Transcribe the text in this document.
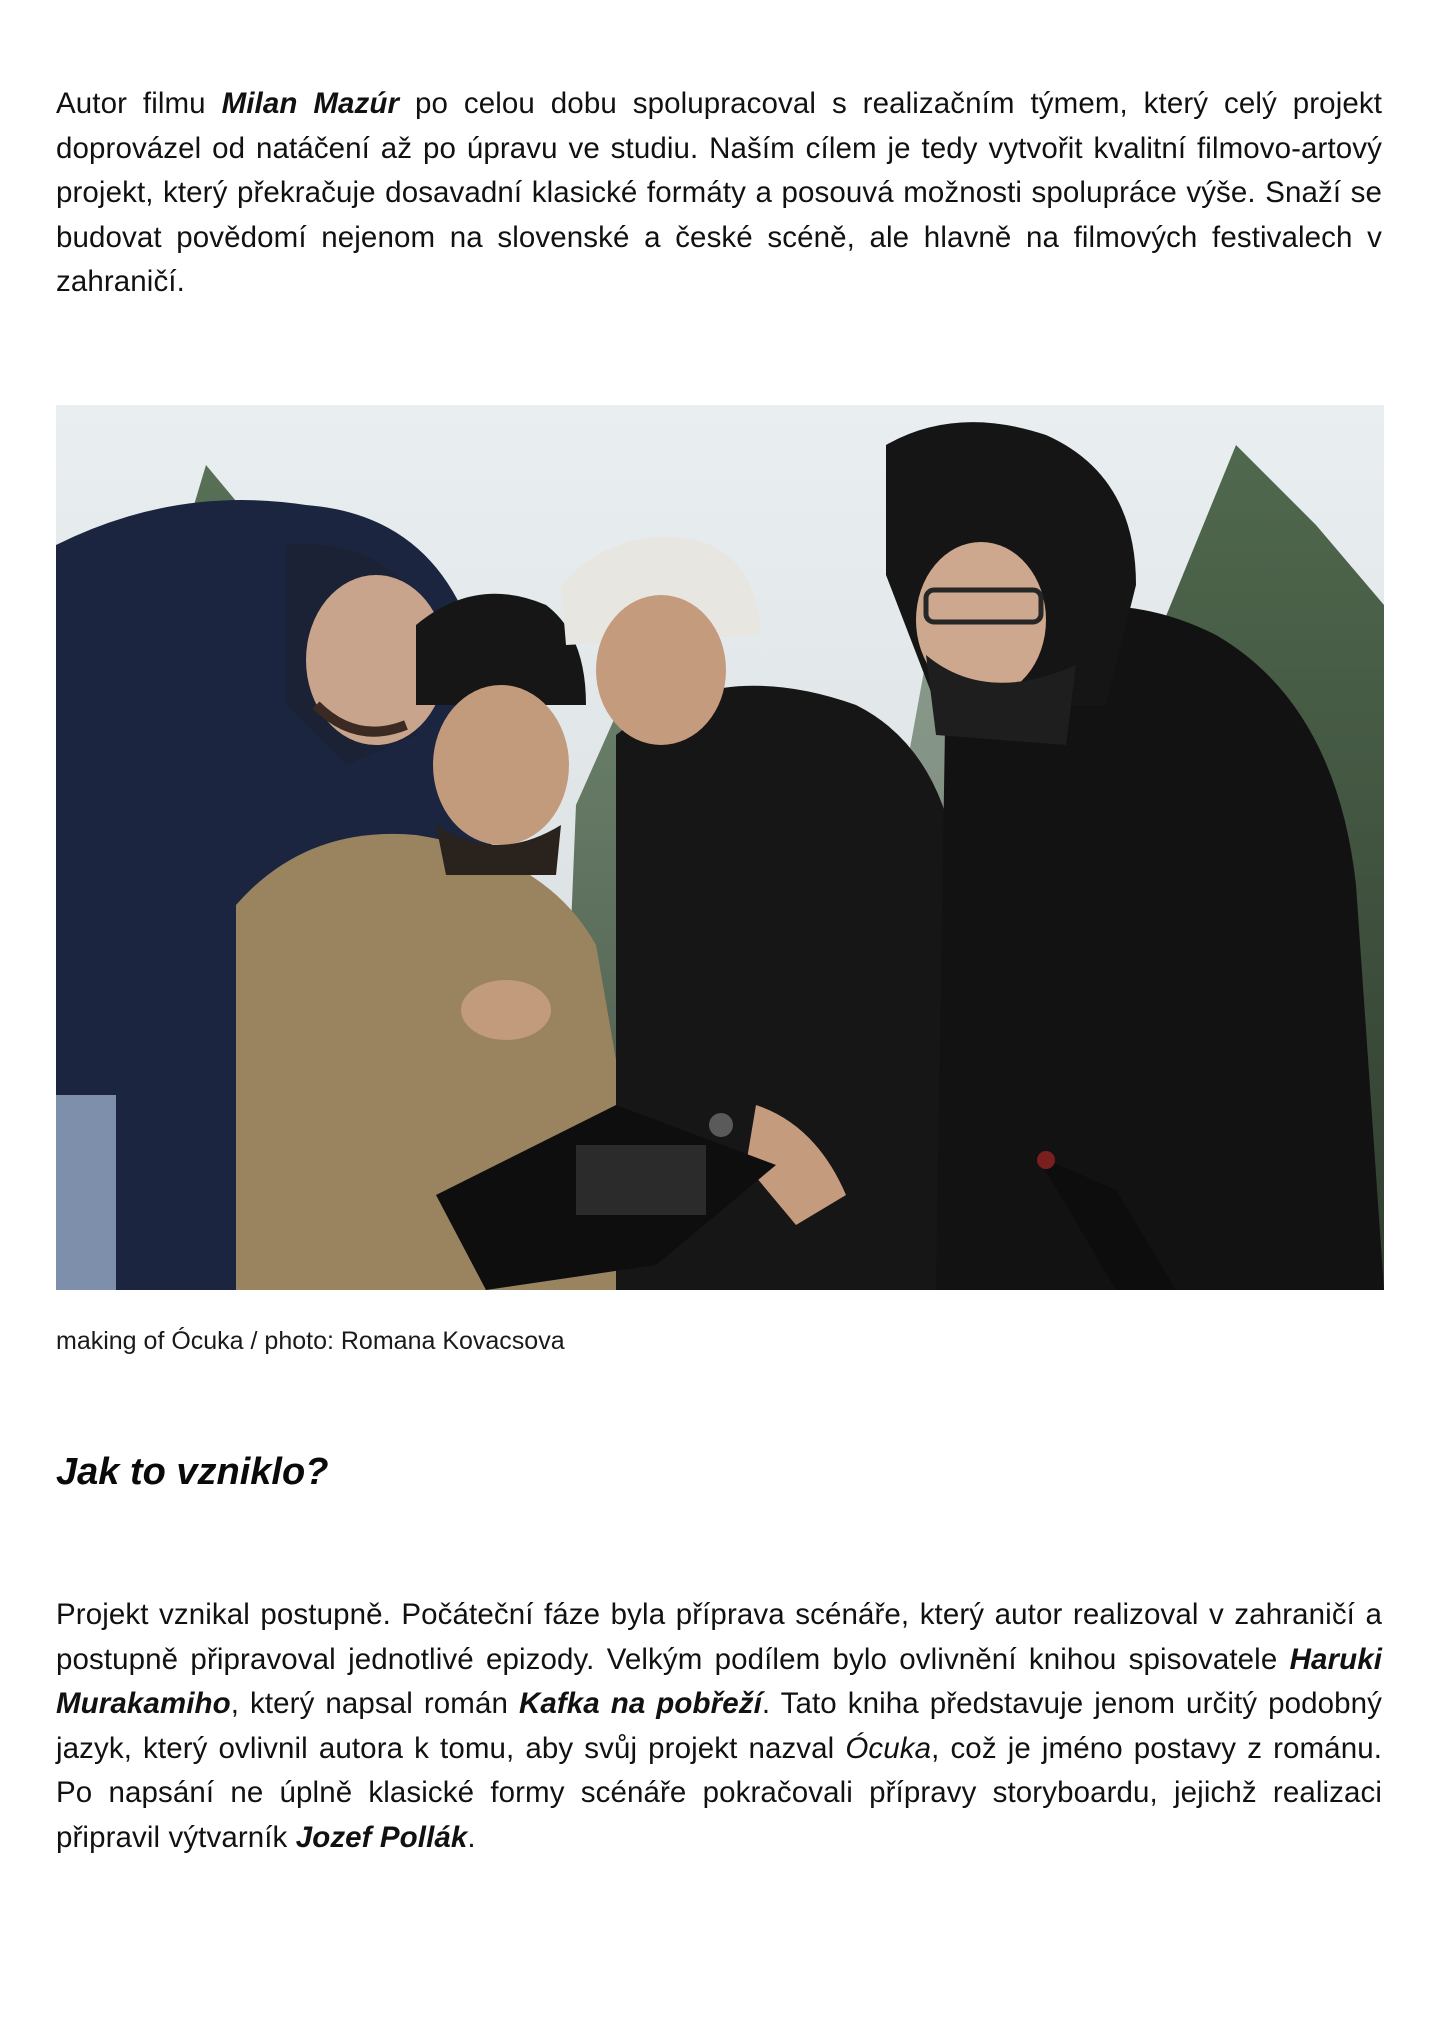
Autor filmu Milan Mazúr po celou dobu spolupracoval s realizačním týmem, který celý projekt doprovázel od natáčení až po úpravu ve studiu. Naším cílem je tedy vytvořit kvalitní filmovo-artový projekt, který překračuje dosavadní klasické formáty a posouvá možnosti spolupráce výše. Snaží se budovat povědomí nejenom na slovenské a české scéně, ale hlavně na filmových festivalech v zahraničí.

making of Ócuka / photo: Romana Kovacsova

Jak to vzniklo?

Projekt vznikal postupně. Počáteční fáze byla příprava scénáře, který autor realizoval v zahraničí a postupně připravoval jednotlivé epizody. Velkým podílem bylo ovlivnění knihou spisovatele Haruki Murakamiho, který napsal román Kafka na pobřeží. Tato kniha představuje jenom určitý podobný jazyk, který ovlivnil autora k tomu, aby svůj projekt nazval Ócuka, což je jméno postavy z románu. Po napsání ne úplně klasické formy scénáře pokračovali přípravy storyboardu, jejichž realizaci připravil výtvarník Jozef Pollák.
